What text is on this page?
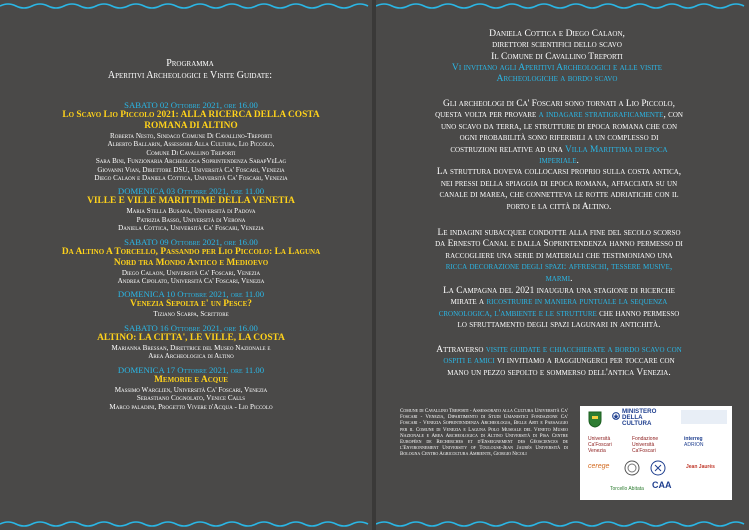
Programma
Aperitivi Archeologici e Visite Guidate:
SABATO 02 Ottobre 2021, ore 16.00
Lo Scavo Lio Piccolo 2021: ALLA RICERCA DELLA COSTA
ROMANA DI ALTINO
Roberta Nesto, Sindaco Comune Di Cavallino-Treporti
Alberto Ballarin, Assessore Alla Cultura, Lio Piccolo,
Comune Di Cavallino Treporti
Sara Bini, Funzionaria Archeologa Soprintendenza SabapVeLag
Giovanni Vian, Direttore DSU, Università Ca' Foscari, Venezia
Diego Calaon e Daniela Cottica, Università Ca' Foscari, Venezia
DOMENICA 03 Ottobre 2021, ore 11.00
VILLE E VILLE MARITTIME DELLA VENETIA
Maria Stella Busana, Università di Padova
Patrizia Basso, Università di Verona
Daniela Cottica, Università Ca' Foscari, Venezia
SABATO 09 Ottobre 2021, ore 16.00
Da Altino A Torcello, Passando per Lio Piccolo: La Laguna
Nord tra Mondo Antico e Medioevo
Diego Calaon, Università Ca' Foscari, Venezia
Andrea Cipolato, Università Ca' Foscari, Venezia
DOMENICA 10 Ottobre 2021, ore 11.00
Venezia Sepolta e' un Pesce?
Tiziano Scarpa, Scrittore
SABATO 16 Ottobre 2021, ore 16.00
ALTINO: LA CITTA', LE VILLE, LA COSTA
Marianna Bressan, Direttrice del Museo Nazionale e
Area Archeologica di Altino
DOMENICA 17 Ottobre 2021, ore 11.00
Memorie e Acque
Massimo Warglien, Università Ca' Foscari, Venezia
Sebastiano Cognolato, Venice Calls
Marco paladini, Progetto Vivere d'Acqua - Lio Piccolo
Daniela Cottica e Diego Calaon,
direttori scientifici dello scavo
Il Comune di Cavallino Treporti
Vi invitano agli Aperitivi Archeologici e alle visite
Archeologiche a bordo scavo
Gli archeologi di Ca' Foscari sono tornati a Lio Piccolo,
questa volta per provare a indagare stratigraficamente, con
uno scavo da terra, le strutture di epoca romana che con
ogni probabilità sono riferibili a un complesso di
costruzioni relative ad una Villa Marittima di epoca
imperiale.
La struttura doveva collocarsi proprio sulla costa antica,
nei pressi della spiaggia di epoca romana, affacciata su un
canale di marea, che connetteva le rotte adriatiche con il
porto e la città di Altino.
Le indagini subacquee condotte alla fine del secolo scorso
da Ernesto Canal e dalla Soprintendenza hanno permesso di
raccogliere una serie di materiali che testimoniano una
ricca decorazione degli spazi: affreschi, tessere musive,
marmi.
La Campagna del 2021 inaugura una stagione di ricerche
mirate a ricostruire in maniera puntuale la sequenza
cronologica, l'ambiente e le strutture che hanno permesso
lo sfruttamento degli spazi lagunari in antichità.
Attraverso visite guidate e chiacchierate a bordo scavo con
ospiti e amici vi invitiamo a raggiungerci per toccare con
mano un pezzo sepolto e sommerso dell'antica Venezia.
Comune di Cavallino Treporti - Assessorato alla Cultura Università Ca' Foscari - Venezia, Dipartimento di Studi Umanistici Fondazione Ca' Foscari - Venezia Soprintendenza Archeologia, Belle Arti e Paesaggio per il Comune di Venezia e Laguna Polo Museale del Veneto Museo Nazionale e Area Archeologica di Altino Università di Pisa Centre Européen de Recherches et d'Enseignement des Géosciences de l'Environnement University of Toulouse-Jean Jaurès Università di Bologna Centro Agricoltura Ambiente, Giorgio Nicoli
MINISTERO
DELLA
CULTURA
Università
Ca'Foscari
Venezia
Fondazione
Università
Ca'Foscari
interreg
ADRION
cerege	Jean Jaurès
Torcello Abitata CAA
